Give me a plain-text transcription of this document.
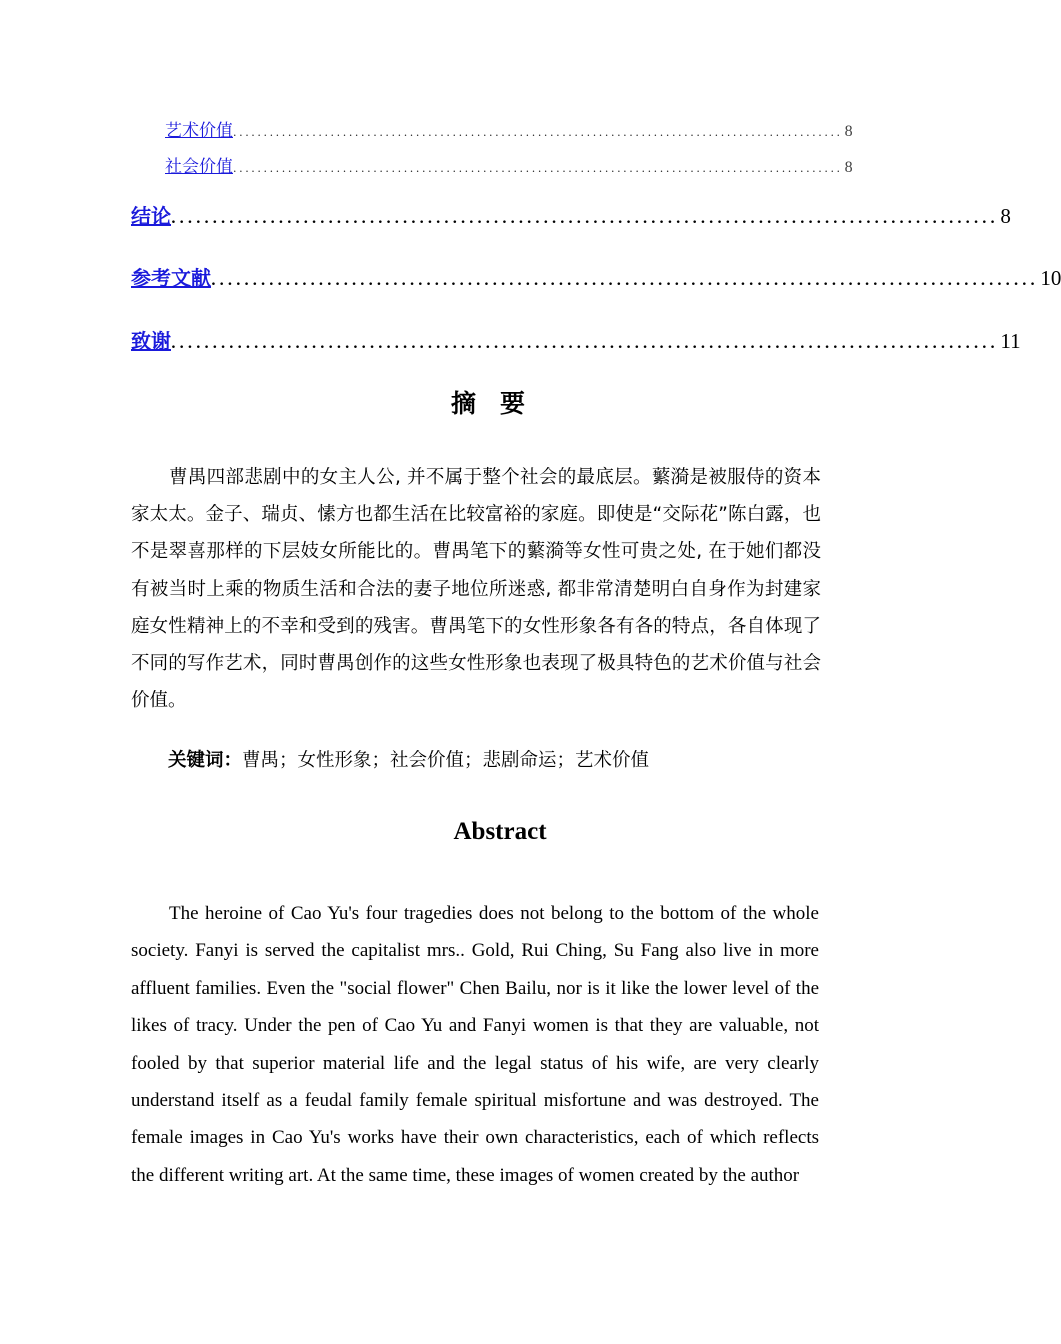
艺术价值 .................................................................................................... 8
社会价值 .................................................................................................... 8
结论 .................................................................................................... 8
参考文献 .................................................................................................... 10
致谢 .................................................................................................... 11
摘要

曹禺四部悲剧中的女主人公, 并不属于整个社会的最底层。蘩漪是被服侍的资本家太太。金子、瑞贞、愫方也都生活在比较富裕的家庭。即使是“交际花”陈白露，也不是翠喜那样的下层妓女所能比的。曹禺笔下的蘩漪等女性可贵之处, 在于她们都没有被当时上乘的物质生活和合法的妻子地位所迷惑, 都非常清楚明白自身作为封建家庭女性精神上的不幸和受到的残害。曹禺笔下的女性形象各有各的特点，各自体现了不同的写作艺术，同时曹禺创作的这些女性形象也表现了极具特色的艺术价值与社会价值。

关键词：曹禺；女性形象；社会价值；悲剧命运；艺术价值
Abstract

The heroine of Cao Yu's four tragedies does not belong to the bottom of the whole society. Fanyi is served the capitalist mrs.. Gold, Rui Ching, Su Fang also live in more affluent families. Even the "social flower" Chen Bailu, nor is it like the lower level of the likes of tracy. Under the pen of Cao Yu and Fanyi women is that they are valuable, not fooled by that superior material life and the legal status of his wife, are very clearly understand itself as a feudal family female spiritual misfortune and was destroyed. The female images in Cao Yu's works have their own characteristics, each of which reflects the different writing art. At the same time, these images of women created by the author
